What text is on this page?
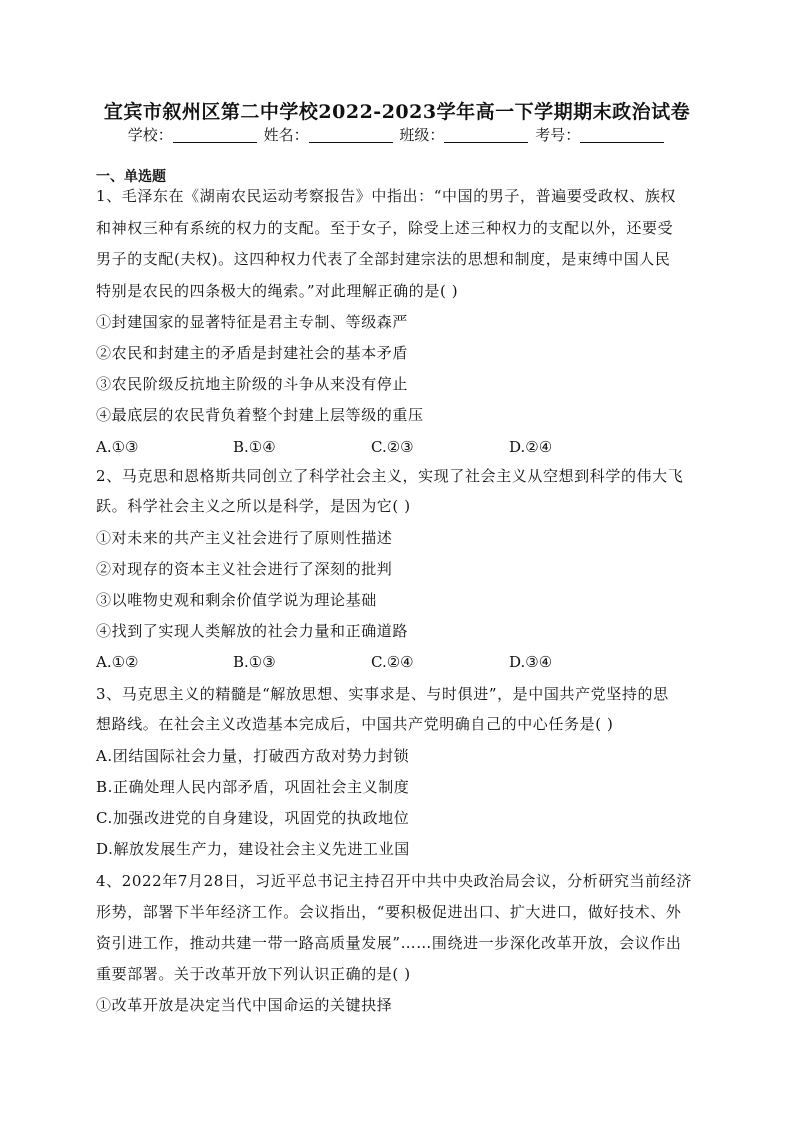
宜宾市叙州区第二中学校2022-2023学年高一下学期期末政治试卷
学校：	姓名：	班级：	考号：
一、单选题
1、毛泽东在《湖南农民运动考察报告》中指出：“中国的男子，普遍要受政权、族权
和神权三种有系统的权力的支配。至于女子，除受上述三种权力的支配以外，还要受
男子的支配(夫权)。这四种权力代表了全部封建宗法的思想和制度，是束缚中国人民
特别是农民的四条极大的绳索。”对此理解正确的是( )
①封建国家的显著特征是君主专制、等级森严
②农民和封建主的矛盾是封建社会的基本矛盾
③农民阶级反抗地主阶级的斗争从来没有停止
④最底层的农民背负着整个封建上层等级的重压
A.①③	B.①④	C.②③	D.②④
2、马克思和恩格斯共同创立了科学社会主义，实现了社会主义从空想到科学的伟大飞
跃。科学社会主义之所以是科学，是因为它( )
①对未来的共产主义社会进行了原则性描述
②对现存的资本主义社会进行了深刻的批判
③以唯物史观和剩余价值学说为理论基础
④找到了实现人类解放的社会力量和正确道路
A.①②	B.①③	C.②④	D.③④
3、马克思主义的精髓是“解放思想、实事求是、与时俱进”，是中国共产党坚持的思
想路线。在社会主义改造基本完成后，中国共产党明确自己的中心任务是( )
A.团结国际社会力量，打破西方敌对势力封锁
B.正确处理人民内部矛盾，巩固社会主义制度
C.加强改进党的自身建设，巩固党的执政地位
D.解放发展生产力，建设社会主义先进工业国
4、2022年7月28日，习近平总书记主持召开中共中央政治局会议，分析研究当前经济
形势，部署下半年经济工作。会议指出，“要积极促进出口、扩大进口，做好技术、外
资引进工作，推动共建一带一路高质量发展”……围绕进一步深化改革开放，会议作出
重要部署。关于改革开放下列认识正确的是( )
①改革开放是决定当代中国命运的关键抉择
